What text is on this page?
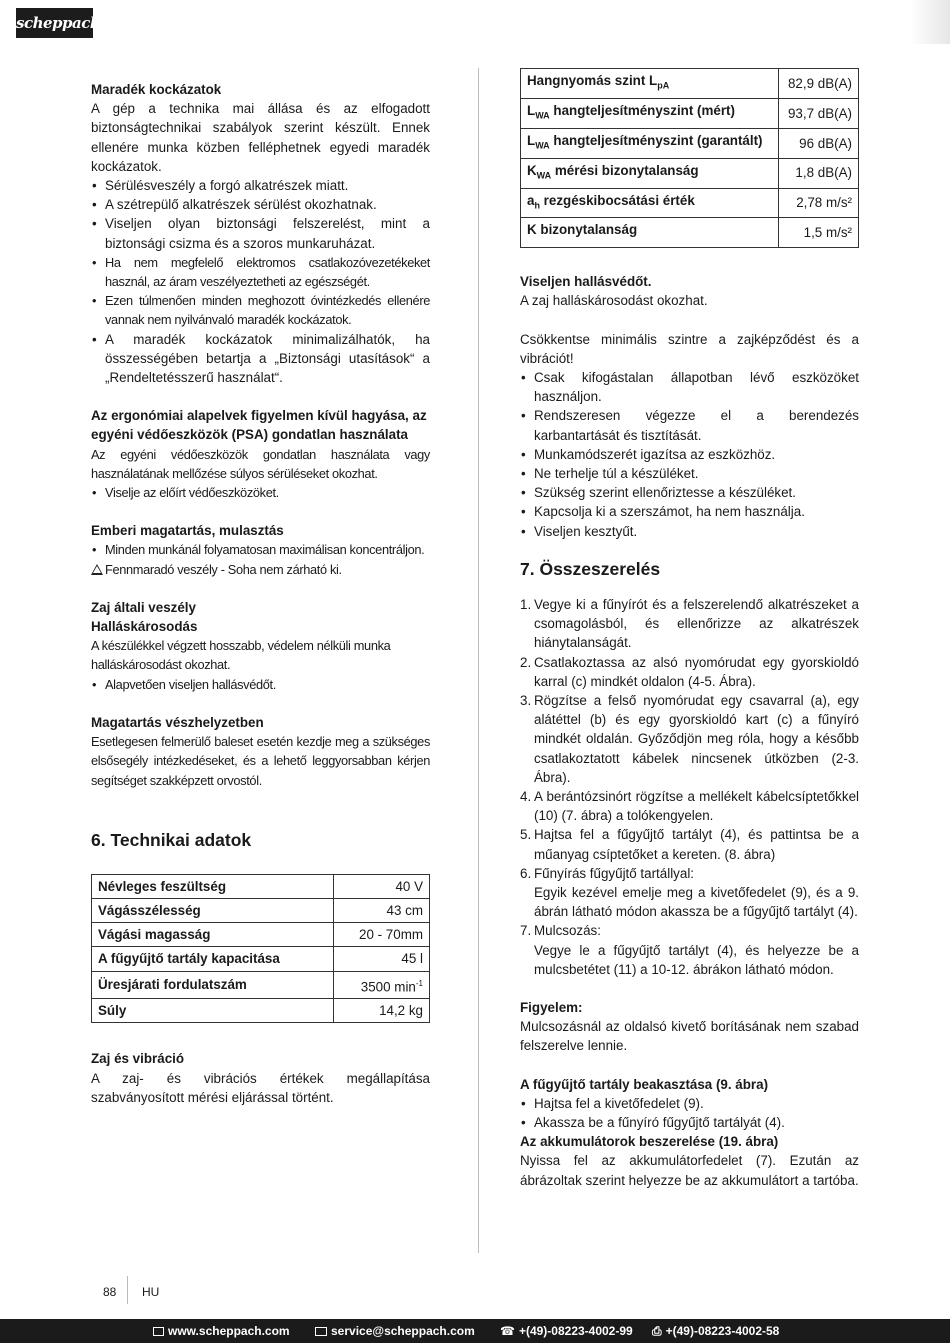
scheppach
Maradék kockázatok
A gép a technika mai állása és az elfogadott biztonságtechnikai szabályok szerint készült. Ennek ellenére munka közben felléphetnek egyedi maradék kockázatok.
• Sérülésveszély a forgó alkatrészek miatt.
• A szétrepülő alkatrészek sérülést okozhatnak.
• Viseljen olyan biztonsági felszerelést, mint a biztonsági csizma és a szoros munkaruházat.
• Ha nem megfelelő elektromos csatlakozóvezetékeket használ, az áram veszélyeztetheti az egészségét.
• Ezen túlmenően minden meghozott óvintézkedés ellenére vannak nem nyilvánvaló maradék kockázatok.
• A maradék kockázatok minimalizálhatók, ha összességében betartja a „Biztonsági utasítások“ a „Rendeltetésszerű használat“.
Az ergonómiai alapelvek figyelmen kívül hagyása, az egyéni védőeszközök (PSA) gondatlan használata
Az egyéni védőeszközök gondatlan használata vagy használatának mellőzése súlyos sérüléseket okozhat.
• Viselje az előírt védőeszközöket.
Emberi magatartás, mulasztás
• Minden munkánál folyamatosan maximálisan koncentráljon.
Fennmaradó veszély - Soha nem zárható ki.
Zaj általi veszély
Halláskárosodás
A készülékkel végzett hosszabb, védelem nélküli munka halláskárosodást okozhat.
• Alapvetően viseljen hallásvédőt.
Magatartás vészhelyzetben
Esetlegesen felmerülő baleset esetén kezdje meg a szükséges elsősegély intézkedéseket, és a lehető leggyorsabban kérjen segítséget szakképzett orvostól.
6. Technikai adatok
Névleges feszültség	40 V
Vágásszélesség	43 cm
Vágási magasság	20 - 70mm
A fűgyűjtő tartály kapacitása	45 l
Üresjárati fordulatszám	3500 $\min^{-1}$
Súly	14,2 kg
Zaj és vibráció
A zaj- és vibrációs értékek megállapítása szabványosított mérési eljárással történt.
Hangnyomás szint $L_{pA}$	82,9 dB(A)
$L_{WA}$ hangteljesítményszint (mért)	93,7 dB(A)
$L_{WA}$ hangteljesítményszint (garantált)	96 dB(A)
$K_{WA}$ mérési bizonytalanság	1,8 dB(A)
$a_h$ rezgéskibocsátási érték	2,78 m/s²
K bizonytalanság	1,5 m/s²
Viseljen hallásvédőt.
A zaj halláskárosodást okozhat.
Csökkentse minimális szintre a zajképződést és a vibrációt!
• Csak kifogástalan állapotban lévő eszközöket használjon.
• Rendszeresen végezze el a berendezés karbantartását és tisztítását.
• Munkamódszerét igazítsa az eszközhöz.
• Ne terhelje túl a készüléket.
• Szükség szerint ellenőriztesse a készüléket.
• Kapcsolja ki a szerszámot, ha nem használja.
• Viseljen kesztyűt.
7. Összeszerelés
1. Vegye ki a fűnyírót és a felszerelendő alkatrészeket a csomagolásból, és ellenőrizze az alkatrészek hiánytalanságát.
2. Csatlakoztassa az alsó nyomórudat egy gyorskioldó karral (c) mindkét oldalon (4-5. Ábra).
3. Rögzítse a felső nyomórudat egy csavarral (a), egy alátéttel (b) és egy gyorskioldó kart (c) a fűnyíró mindkét oldalán. Győződjön meg róla, hogy a később csatlakoztatott kábelek nincsenek útközben (2-3. Ábra).
4. A berántózsinórt rögzítse a mellékelt kábelcsíptetőkkel (10) (7. ábra) a tolókengyelen.
5. Hajtsa fel a fűgyűjtő tartályt (4), és pattintsa be a műanyag csíptetőket a kereten. (8. ábra)
6. Fűnyírás fűgyűjtő tartállyal:
Egyik kezével emelje meg a kivetőfedelet (9), és a 9. ábrán látható módon akassza be a fűgyűjtő tartályt (4).
7. Mulcsozás:
Vegye le a fűgyűjtő tartályt (4), és helyezze be a mulcsbetétet (11) a 10-12. ábrákon látható módon.
Figyelem:
Mulcsozásnál az oldalsó kivető borításának nem szabad felszerelve lennie.
A fűgyűjtő tartály beakasztása (9. ábra)
• Hajtsa fel a kivetőfedelet (9).
• Akassza be a fűnyíró fűgyűjtő tartályát (4).
Az akkumulátorok beszerelése (19. ábra)
Nyissa fel az akkumulátorfedelet (7). Ezután az ábrázoltak szerint helyezze be az akkumulátort a tartóba.
88 HU
www.scheppach.com	service@scheppach.com ☎ +(49)-08223-4002-99 ⎙ +(49)-08223-4002-58
